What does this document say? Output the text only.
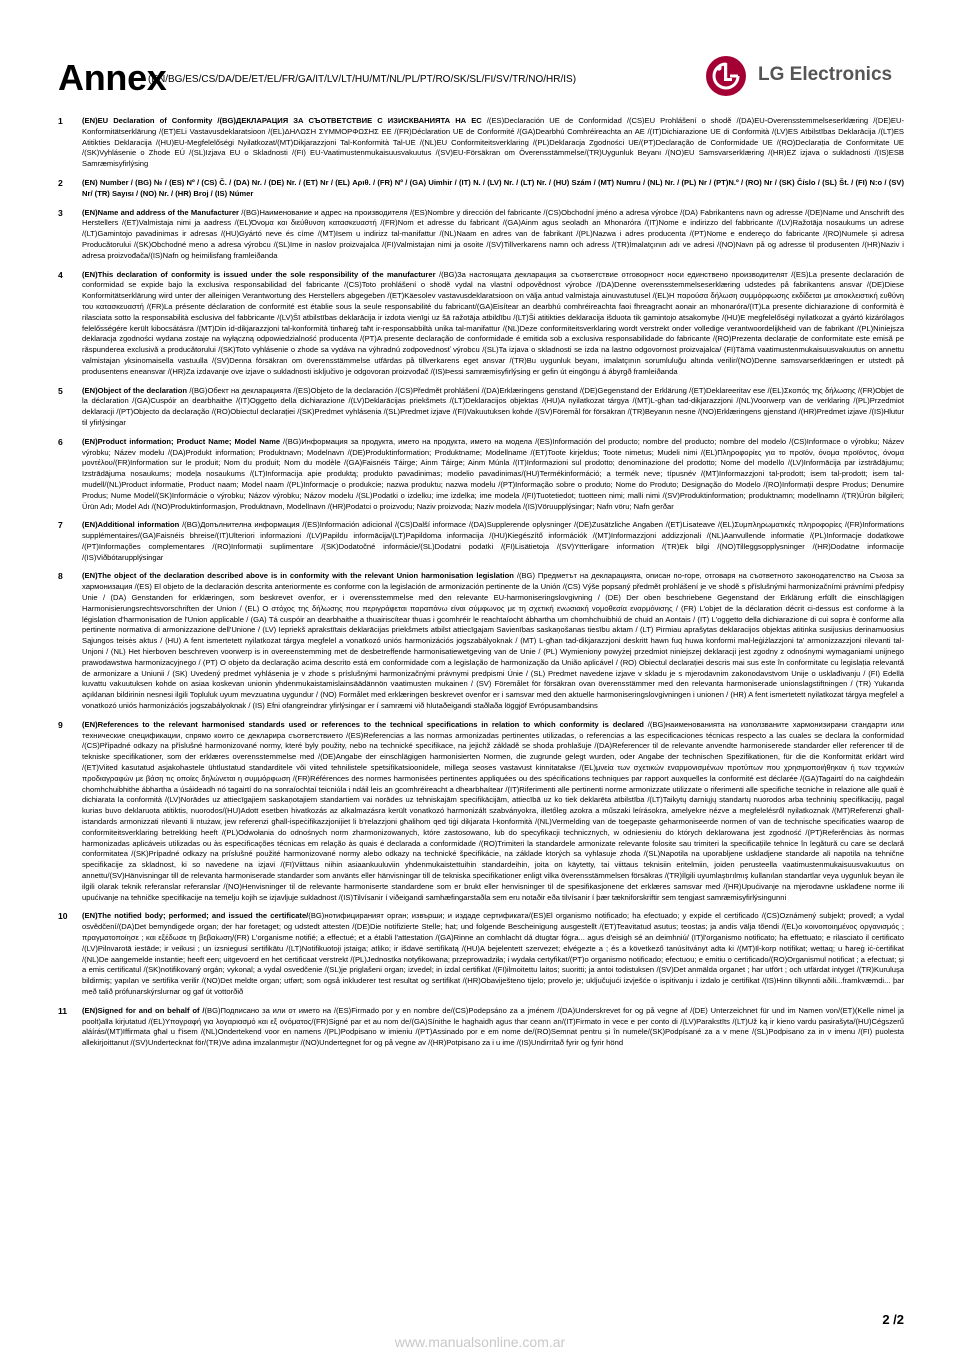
Annex
(EN/BG/ES/CS/DA/DE/ET/EL/FR/GA/IT/LV/LT/HU/MT/NL/PL/PT/RO/SK/SL/FI/SV/TR/NO/HR/IS)	LG Electronics
1	(EN)EU Declaration of Conformity /(BG)ДЕКЛАРАЦИЯ ЗА СЪОТВЕТСТВИЕ С ИЗИСКВАНИЯТА НА ЕС /(ES)Declaración UE de Conformidad /(CS)EU Prohlášení o shodě /(DA)EU-Overensstemmelseserklæring /(DE)EU-Konformitätserklärung /(ET)ELi Vastavusdeklaratsioon /(EL)ΔΗΛΩΣΗ ΣΥΜΜΟΡΦΩΣΗΣ ΕΕ /(FR)Déclaration UE de Conformité /(GA)Dearbhú Comhréireachta an AE /(IT)Dichiarazione UE di Conformità /(LV)ES Atbilstības Deklarācija /(LT)ES Atitikties Deklaracija /(HU)EU-Megfelelőségi Nyilatkozat/(MT)Dikjarazzjoni Tal-Konformità Tal-UE /(NL)EU Conformiteitsverklaring /(PL)Deklaracja Zgodności UE/(PT)Declaração de Conformidade UE /(RO)Declarația de Conformitate UE /(SK)Vyhlásenie o Zhode EÚ /(SL)Izjava EU o Skladnosti /(FI) EU-Vaatimustenmukaisuusvakuutus /(SV)EU-Försäkran om Överensstämmelse/(TR)Uygunluk Beyanı /(NO)EU Samsvarserklæring /(HR)EZ izjava o sukladnosti /(IS)ESB Samræmisyfirlýsing
2	(EN) Number / (BG) № / (ES) Nº / (CS) Č. / (DA) Nr. / (DE) Nr. / (ET) Nr / (EL) Αριθ. / (FR) Nº / (GA) Uimhir / (IT) N. / (LV) Nr. / (LT) Nr. / (HU) Szám / (MT) Numru / (NL) Nr. / (PL) Nr / (PT)N.º / (RO) Nr / (SK) Číslo / (SL) Št. / (FI) N:o / (SV) Nr/ (TR) Sayısı / (NO) Nr. / (HR) Broj / (IS) Númer
3	(EN)Name and address of the Manufacturer /(BG)Наименование и адрес на производителя /(ES)Nombre y dirección del fabricante /(CS)Obchodní jméno a adresa výrobce /(DA) Fabrikantens navn og adresse /(DE)Name und Anschrift des Herstellers /(ET)Valmistaja nimi ja aadress /(EL)Όνομα και διεύθυνση κατασκευαστή /(FR)Nom et adresse du fabricant /(GA)Ainm agus seoladh an Mhonaróra /(IT)Nome e indirizzo del fabbricante /(LV)Ražotāja nosaukums un adrese /(LT)Gamintojo pavadinimas ir adresas /(HU)Gyártó neve és címe /(MT)Isem u indirizz tal-manifattur /(NL)Naam en adres van de fabrikant /(PL)Nazwa i adres producenta /(PT)Nome e endereço do fabricante /(RO)Numele și adresa Producătorului /(SK)Obchodné meno a adresa výrobcu /(SL)Ime in naslov proizvajalca /(FI)Valmistajan nimi ja osoite /(SV)Tillverkarens namn och adress /(TR)İmalatçının adı ve adresi /(NO)Navn på og adresse til produsenten /(HR)Naziv i adresa proizvođača/(IS)Nafn og heimilisfang framleiðanda
4	(EN)This declaration of conformity is issued under the sole responsibility of the manufacturer /(BG)За настоящата декларация за съответствие отговорност носи единствено производителят /(ES)La presente declaración de conformidad se expide bajo la exclusiva responsabilidad del fabricante /(CS)Toto prohlášení o shodě vydal na vlastní odpovědnost výrobce /(DA)Denne overensstemmelseserklæring udstedes på fabrikantens ansvar /(DE)Diese Konformitätserklärung wird unter der alleinigen Verantwortung des Herstellers abgegeben /(ET)Käesolev vastavusdeklaratsioon on välja antud valmistaja ainuvastutusel /(EL)Η παρούσα δήλωση συμμόρφωσης εκδίδεται με αποκλειστική ευθύνη του κατασκευαστή /(FR)La présente déclaration de conformité est établie sous la seule responsabilité du fabricant/(GA)Eisítear an dearbhú comhréireachta faoi fhreagracht aonair an mhonaróra/(IT)La presente dichiarazione di conformità è rilasciata sotto la responsabilità esclusiva del fabbricante /(LV)Šī atbilstības deklarācija ir izdota vienīgi uz šā ražotāja atbildību /(LT)Ši atitikties deklaracija išduota tik gamintojo atsakomybe /(HU)E megfelelőségi nyilatkozat a gyártó kizárólagos felelősségére került kibocsátásra /(MT)Din id-dikjarazzjoni tal-konformità tinħareġ taħt ir-responsabbiltà unika tal-manifattur /(NL)Deze conformiteitsverklaring wordt verstrekt onder volledige verantwoordelijkheid van de fabrikant /(PL)Niniejsza deklaracja zgodności wydana zostaje na wyłączną odpowiedzialność producenta /(PT)A presente declaração de conformidade é emitida sob a exclusiva responsabilidade do fabricante /(RO)Prezenta declarație de conformitate este emisă pe răspunderea exclusivă a producătorului /(SK)Toto vyhlásenie o zhode sa vydáva na výhradnú zodpovednosť výrobcu /(SL)Ta izjava o skladnosti se izda na lastno odgovornost proizvajalca/ (FI)Tämä vaatimustenmukaisuusvakuutus on annettu valmistajan yksinomaisella vastuulla /(SV)Denna försäkran om överensstämmelse utfärdas på tillverkarens eget ansvar /(TR)Bu uygunluk beyanı, imalatçının sorumluluğu altında verilir/(NO)Denne samsvarserklæringen er utstedt på produsentens eneansvar /(HR)Za izdavanje ove izjave o sukladnosti isključivo je odgovoran proizvođač /(IS)Þessi samræmisyfirlýsing er gefin út eingöngu á ábyrgð framleiðanda
5	(EN)Object of the declaration /(BG)Обект на декларацията /(ES)Objeto de la declaración /(CS)Předmět prohlášení /(DA)Erklæringens genstand /(DE)Gegenstand der Erklärung /(ET)Deklareeritav ese /(EL)Σκοπός της δήλωσης /(FR)Objet de la déclaration /(GA)Cuspóir an dearbhaithe /(IT)Oggetto della dichiarazione /(LV)Deklarācijas priekšmets /(LT)Deklaracijos objektas /(HU)A nyilatkozat tárgya /(MT)L-għan tad-dikjarazzjoni /(NL)Voorwerp van de verklaring /(PL)Przedmiot deklaracji /(PT)Objecto da declaração /(RO)Obiectul declarației /(SK)Predmet vyhlásenia /(SL)Predmet izjave /(FI)Vakuutuksen kohde /(SV)Föremål för försäkran /(TR)Beyanın nesne /(NO)Erklæringens gjenstand /(HR)Predmet izjave /(IS)Hlutur til yfirlýsingar
6	(EN)Product information; Product Name; Model Name /(BG)Информация за продукта, името на продукта, името на модела /(ES)Información del producto; nombre del producto; nombre del modelo /(CS)Informace o výrobku; Název výrobku; Název modelu /(DA)Produkt information; Produktnavn; Modelnavn /(DE)Produktinformation; Produktname; Modellname /(ET)Toote kirjeldus; Toote nimetus; Mudeli nimi /(EL)Πληροφορίες για το προϊόν, όνομα προϊόντος, όνομα μοντέλου/(FR)Information sur le produit; Nom du produit; Nom du modèle /(GA)Faisnéis Táirge; Ainm Táirge; Ainm Múnla /(IT)Informazioni sul prodotto; denominazione del prodotto; Nome del modello /(LV)Informācija par izstrādājumu; Izstrādājuma nosaukums; modeļa nosaukums /(LT)Informacija apie produktą; produkto pavadinimas; modelio pavadinimas/(HU)Termékinformáció; a termék neve; típusnév /(MT)Informazzjoni tal-prodott; isem tal-prodott; isem tal-mudell/(NL)Product informatie, Product naam; Model naam /(PL)Informacje o produkcie; nazwa produktu; nazwa modelu /(PT)Informação sobre o produto; Nome do Produto; Designação do Modelo /(RO)Informații despre Produs; Denumire Produs; Nume Model/(SK)Informácie o výrobku; Názov výrobku; Názov modelu /(SL)Podatki o izdelku; ime izdelka; ime modela /(FI)Tuotetiedot; tuotteen nimi; malli nimi /(SV)Produktinformation; produktnamn; modellnamn /(TR)Ürün bilgileri; Ürün Adı; Model Adı /(NO)Produktinformasjon, Produktnavn, Modellnavn /(HR)Podatci o proizvodu; Naziv proizvoda; Naziv modela /(IS)Vöruupplýsingar; Nafn vöru; Nafn gerðar
7	(EN)Additional information /(BG)Допълнителна информация /(ES)Información adicional /(CS)Další informace /(DA)Supplerende oplysninger /(DE)Zusätzliche Angaben /(ET)Lisateave /(EL)Συμπληρωματικές πληροφορίες /(FR)Informations supplémentaires/(GA)Faisnéis bhreise/(IT)Ulteriori informazioni /(LV)Papildu informācija/(LT)Papildoma informacija /(HU)Kiegészítő információk /(MT)Informazzjoni addizzjonali /(NL)Aanvullende informatie /(PL)Informacje dodatkowe /(PT)Informações complementares /(RO)Informații suplimentare /(SK)Dodatočné informácie/(SL)Dodatni podatki /(FI)Lisätietoja /(SV)Ytterligare information /(TR)Ek bilgi /(NO)Tilleggsopplysninger /(HR)Dodatne informacije /(IS)Viðbótarupplýsingar
8	(EN)The object of the declaration described above is in conformity with the relevant Union harmonisation legislation /(BG) Предметът на декларацията, описан по-горе, отговаря на съответното законодателство на Съюза за хармонизация /(ES) El objeto de la declaración descrita anteriormente es conforme con la legislación de armonización pertinente de la Unión /(CS) Výše popsaný předmět prohlášení je ve shodě s příslušnými harmonizačními právními předpisy Unie / (DA) Genstanden for erklæringen, som beskrevet ovenfor, er i overensstemmelse med den relevante EU-harmoniseringslovgivning / (DE) Der oben beschriebene Gegenstand der Erklärung erfüllt die einschlägigen Harmonisierungsrechtsvorschriften der Union / (EL) Ο στόχος της δήλωσης που περιγράφεται παραπάνω είναι σύμφωνος με τη σχετική ενωσιακή νομοθεσία εναρμόνισης / (FR) L'objet de la déclaration décrit ci-dessus est conforme à la législation d'harmonisation de l'Union applicable / (GA) Tá cuspóir an dearbhaithe a thuairiscítear thuas i gcomhréir le reachtaíocht ábhartha um chomhchuibhiú de chuid an Aontais / (IT) L'oggetto della dichiarazione di cui sopra è conforme alla pertinente normativa di armonizzazione dell'Unione / (LV) Iepriekš aprakstītais deklarācijas priekšmets atbilst attiecīgajam Savienības saskaņošanas tiesību aktam / (LT) Pirmiau aprašytas deklaracijos objektas atitinka susijusius derinamuosius Sąjungos teisės aktus / (HU) A fent ismertetett nyilatkozat tárgya megfelel a vonatkozó uniós harmonizációs jogszabályoknak / (MT) L-għan tad-dikjarazzjoni deskritt hawn fuq huwa konformi mal-leġiżlazzjoni ta' armonizzazzjoni rilevanti tal-Unjoni / (NL) Het hierboven beschreven voorwerp is in overeenstemming met de desbetreffende harmonisatiewetgeving van de Unie / (PL) Wymieniony powyżej przedmiot niniejszej deklaracji jest zgodny z odnośnymi wymaganiami unijnego prawodawstwa harmonizacyjnego / (PT) O objeto da declaração acima descrito está em conformidade com a legislação de harmonização da União aplicável / (RO) Obiectul declarației descris mai sus este în conformitate cu legislația relevantă de armonizare a Uniunii / (SK) Uvedený predmet vyhlásenia je v zhode s príslušnými harmonizačnými právnymi predpismi Únie / (SL) Predmet navedene izjave v skladu je s mjerodavnim zakonodavstvom Unije o usklađivanju / (FI) Edellä kuvattu vakuutuksen kohde on asiaa koskevan unionin yhdenmukaistamislainsäädännön vaatimusten mukainen / (SV) Föremålet för försäkran ovan överensstämmer med den relevanta harmoniserade unionslagstiftningen / (TR) Yukarıda açıklanan bildirinin nesnesi ilgili Topluluk uyum mevzuatına uygundur / (NO) Formålet med erklæringen beskrevet ovenfor er i samsvar med den aktuelle harmoniseringslovgivningen i unionen / (HR) A fent ismertetett nyilatkozat tárgya megfelel a vonatkozó uniós harmonizációs jogszabályoknak / (IS) Efni ofangreindrar yfirlýsingar er í samræmi við hlutaðeigandi staðlaða löggjöf Evrópusambandsins
9	(EN)References to the relevant harmonised standards used or references to the technical specifications in relation to which conformity is declared /(BG)наименованията на използваните хармонизирани стандарти или технические спецификации, спрямо които се декларира съответствието /(ES)Referencias a las normas armonizadas pertinentes utilizadas, o referencias a las especificaciones técnicas respecto a las cuales se declara la conformidad /(CS)Případné odkazy na příslušné harmonizované normy, které byly použity, nebo na technické specifikace, na jejichž základě se shoda prohlašuje /(DA)Referencer til de relevante anvendte harmoniserede standarder eller referencer til de tekniske specifikationer, som der erklæres overensstemmelse med /(DE)Angabe der einschlägigen harmonisierten Normen, die zugrunde gelegt wurden, oder Angabe der technischen Spezifikationen, für die die Konformität erklärt wird /(ET)Viited kasutatud asjakohastele ühtlustatud standarditele või viited tehnilistele spetsifikatsioonidele, millega seoses vastavust kinnitatakse /(EL)μνεία των σχετικών εναρμονισμένων προτύπων που χρησιμοποιήθηκαν ή των τεχνικών προδιαγραφών με βάση τις οποίες δηλώνεται η συμμόρφωση /(FR)Références des normes harmonisées pertinentes appliquées ou des spécifications techniques par rapport auxquelles la conformité est déclarée /(GA)Tagairtí do na caighdeáin chomhchuibhithe ábhartha a úsáideadh nó tagairtí do na sonraíochtaí teicniúla i ndáil leis an gcomhréireacht a dhearbhaítear /(IT)Riferimenti alle pertinenti norme armonizzate utilizzate o riferimenti alle specifiche tecniche in relazione alle quali è dichiarata la conformità /(LV)Norādes uz attiecīgajiem saskaņotajiem standartiem vai norādes uz tehniskajām specifikācijām, attiecībā uz ko tiek deklarēta atbilstība /(LT)Taikytų darniųjų standartų nuorodos arba techninių specifikacijų, pagal kurias buvo deklaruota atitiktis, nuorodos/(HU)Adott esetben hivatkozás az alkalmazásra került vonatkozó harmonizált szabványokra, illetőleg azokra a műszaki leírásokra, amelyekre nézve a megfelelésről nyilatkoznak /(MT)Referenzi għall-istandards armonizzati rilevanti li ntużaw, jew referenzi għall-ispeċifikazzjonijiet li b'relazzjoni għalihom qed tiġi dikjarata l-konformità /(NL)Vermelding van de toegepaste geharmoniseerde normen of van de technische specificaties waarop de conformiteitsverklaring betrekking heeft /(PL)Odwołania do odnośnych norm zharmonizowanych, które zastosowano, lub do specyfikacji technicznych, w odniesieniu do których deklarowana jest zgodność /(PT)Referências às normas harmonizadas aplicáveis utilizadas ou às especificações técnicas em relação às quais é declarada a conformidade /(RO)Trimiteri la standardele armonizate relevante folosite sau trimiteri la specificațiile tehnice în legătură cu care se declară conformitatea /(SK)Prípadné odkazy na príslušné použité harmonizované normy alebo odkazy na technické špecifikácie, na základe ktorých sa vyhlasuje zhoda /(SL)Napotila na uporabljene uskladjene standarde ali napotila na tehnične specifikacije za skladnost, ki so navedene na izjavi /(FI)Viittaus niihin asiaankuuluviin yhdenmukaistettuihin standardeihin, joita on käytetty, tai viittaus teknisiin eritelmiin, joiden perusteella vaatimustenmukaisuusvakuutus on annettu/(SV)Hänvisningar till de relevanta harmoniserade standarder som använts eller hänvisningar till de tekniska specifikationer enligt vilka överensstämmelsen försäkras /(TR)İlgili uyumlaştırılmış kullanılan standartlar veya uygunluk beyan ile ilgili olarak teknik referanslar referanslar /(NO)Henvisninger til de relevante harmoniserte standardene som er brukt eller henvisninger til de spesifikasjonene det erklæres samsvar med /(HR)Upućivanje na mjerodavne usklađene norme ili upućivanje na tehničke specifikacije na temelju kojih se izjavljuje sukladnost /(IS)Tilvísanir í viðeigandi samhæfingarstaðla sem eru notaðir eða tilvísanir í þær tækniforskriftir sem tengjast samræmisyfirlýsingunni
10	(EN)The notified body; performed; and issued the certificate/(BG)нотифицираният орган; извърши; и издаде сертификата/(ES)El organismo notificado; ha efectuado; y expide el certificado /(CS)Oznámený subjekt; provedl; a vydal osvědčení/(DA)Det bemyndigede organ; der har foretaget; og udstedt attesten /(DE)Die notifizierte Stelle; hat; und folgende Bescheinigung ausgestellt /(ET)Teavitatud asutus; teostas; ja andis välja tõendi /(EL)ο κοινοποιημένος οργανισμός ; πραγματοποίησε ; και εξέδωσε τη βεβαίωση/(FR) L'organisme notifié; a effectué; et a établi l'attestation /(GA)Rinne an comhlacht dá dtugtar fógra... agus d'eisigh sé an deimhniú/ (IT)l'organismo notificato; ha effettuato; e rilasciato il certificato /(LV)Pilnvarotā iestāde; ir veikusi ; un izsniegusi sertifikātu /(LT)Notifikuotoji įstaiga; atliko; ir išdavė sertifikatą /(HU)A bejelentett szervezet; elvégezte a ; és a következő tanúsítványt adta ki /(MT)Il-korp notifikat; wettaq; u ħareġ iċ-ċertifikat /(NL)De aangemelde instantie; heeft een; uitgevoerd en het certificaat verstrekt /(PL)Jednostka notyfikowana; przeprowadziła; i wydała certyfikat/(PT)o organismo notificado; efectuou; e emitiu o certificado/(RO)Organismul notificat ; a efectuat; și a emis certificatul /(SK)notifikovaný orgán; vykonal; a vydal osvedčenie /(SL)je priglašeni organ; izvedel; in izdal certifikat /(FI)ilmoitettu laitos; suoritti; ja antoi todistuksen /(SV)Det anmälda organet ; har utfört ; och utfärdat intyget /(TR)Kuruluşa bildirmiş; yapılan ve sertifika verilir /(NO)Det meldte organ; utført; som også inkluderer test resultat og sertifikat /(HR)Obaviješteno tijelo; provelo je; uključujući izvješće o ispitivanju i izdalo je certifikat /(IS)Hinn tilkynnti aðili...framkvæmdi... þar með talið prófunarskýrslurnar og gaf út vottorðið
11	(EN)Signed for and on behalf of /(BG)Подписано за или от името на /(ES)Firmado por y en nombre de/(CS)Podepsáno za a jménem /(DA)Underskrevet for og på vegne af /(DE) Unterzeichnet für und im Namen von/(ET)(Kelle nimel ja poolt)alla kirjutatud /(EL)Υπογραφή για λογαριασμό και εξ ονόματος/(FR)Signé par et au nom de/(GA)Sínithe le haghaidh agus thar ceann an/(IT)Firmato in vece e per conto di /(LV)Parakstīts /(LT)Už ką ir kieno vardu pasirašyta/(HU)Cégszerű aláírás/(MT)Iffirmata għal u f'isem /(NL)Ondertekend voor en namens /(PL)Podpisano w imieniu /(PT)Assinado por e em nome de/(RO)Semnat pentru și în numele/(SK)Podpísané za a v mene /(SL)Podpisano za in v imenu /(FI) puolesta allekirjoittanut /(SV)Undertecknat för/(TR)Ve adına imzalanmıştır /(NO)Undertegnet for og på vegne av /(HR)Potpisano za i u ime /(IS)Undirritað fyrir og fyrir hönd
2 /2
www.manualsonline.com.ar
